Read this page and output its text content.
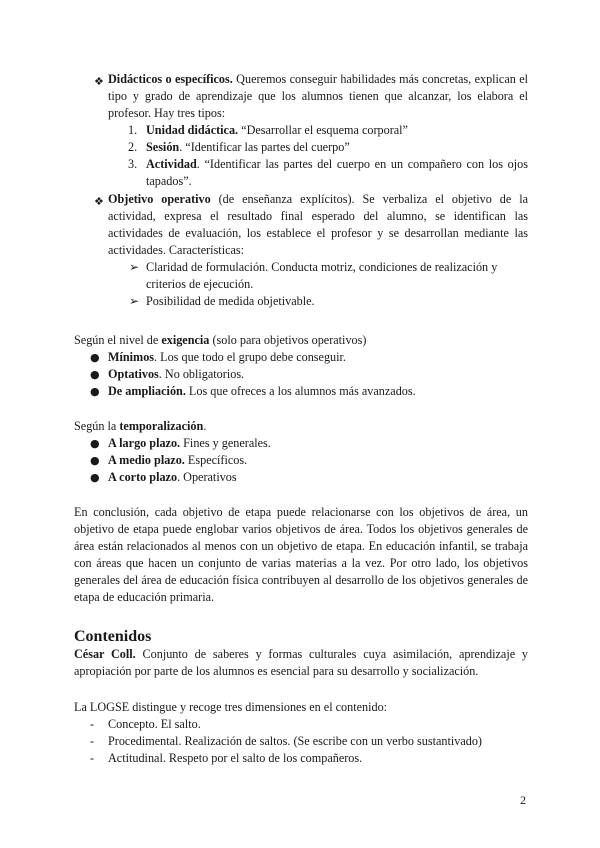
❖ Didácticos o específicos. Queremos conseguir habilidades más concretas, explican el tipo y grado de aprendizaje que los alumnos tienen que alcanzar, los elabora el profesor. Hay tres tipos:

1. Unidad didáctica. “Desarrollar el esquema corporal”
2. Sesión. “Identificar las partes del cuerpo”
3. Actividad. “Identificar las partes del cuerpo en un compañero con los ojos tapados”.

❖ Objetivo operativo (de enseñanza explícitos). Se verbaliza el objetivo de la actividad, expresa el resultado final esperado del alumno, se identifican las actividades de evaluación, los establece el profesor y se desarrollan mediante las actividades. Características:

➢ Claridad de formulación. Conducta motriz, condiciones de realización y criterios de ejecución.
➢ Posibilidad de medida objetivable.

Según el nivel de exigencia (solo para objetivos operativos)

● Mínimos. Los que todo el grupo debe conseguir.
● Optativos. No obligatorios.
● De ampliación. Los que ofreces a los alumnos más avanzados.

Según la temporalización.

● A largo plazo. Fines y generales.
● A medio plazo. Específicos.
● A corto plazo. Operativos

En conclusión, cada objetivo de etapa puede relacionarse con los objetivos de área, un objetivo de etapa puede englobar varios objetivos de área. Todos los objetivos generales de área están relacionados al menos con un objetivo de etapa. En educación infantil, se trabaja con áreas que hacen un conjunto de varias materias a la vez. Por otro lado, los objetivos generales del área de educación física contribuyen al desarrollo de los objetivos generales de etapa de educación primaria.

Contenidos

César Coll. Conjunto de saberes y formas culturales cuya asimilación, aprendizaje y apropiación por parte de los alumnos es esencial para su desarrollo y socialización.

La LOGSE distingue y recoge tres dimensiones en el contenido:

- Concepto. El salto.
- Procedimental. Realización de saltos. (Se escribe con un verbo sustantivado)
- Actitudinal. Respeto por el salto de los compañeros.
2
